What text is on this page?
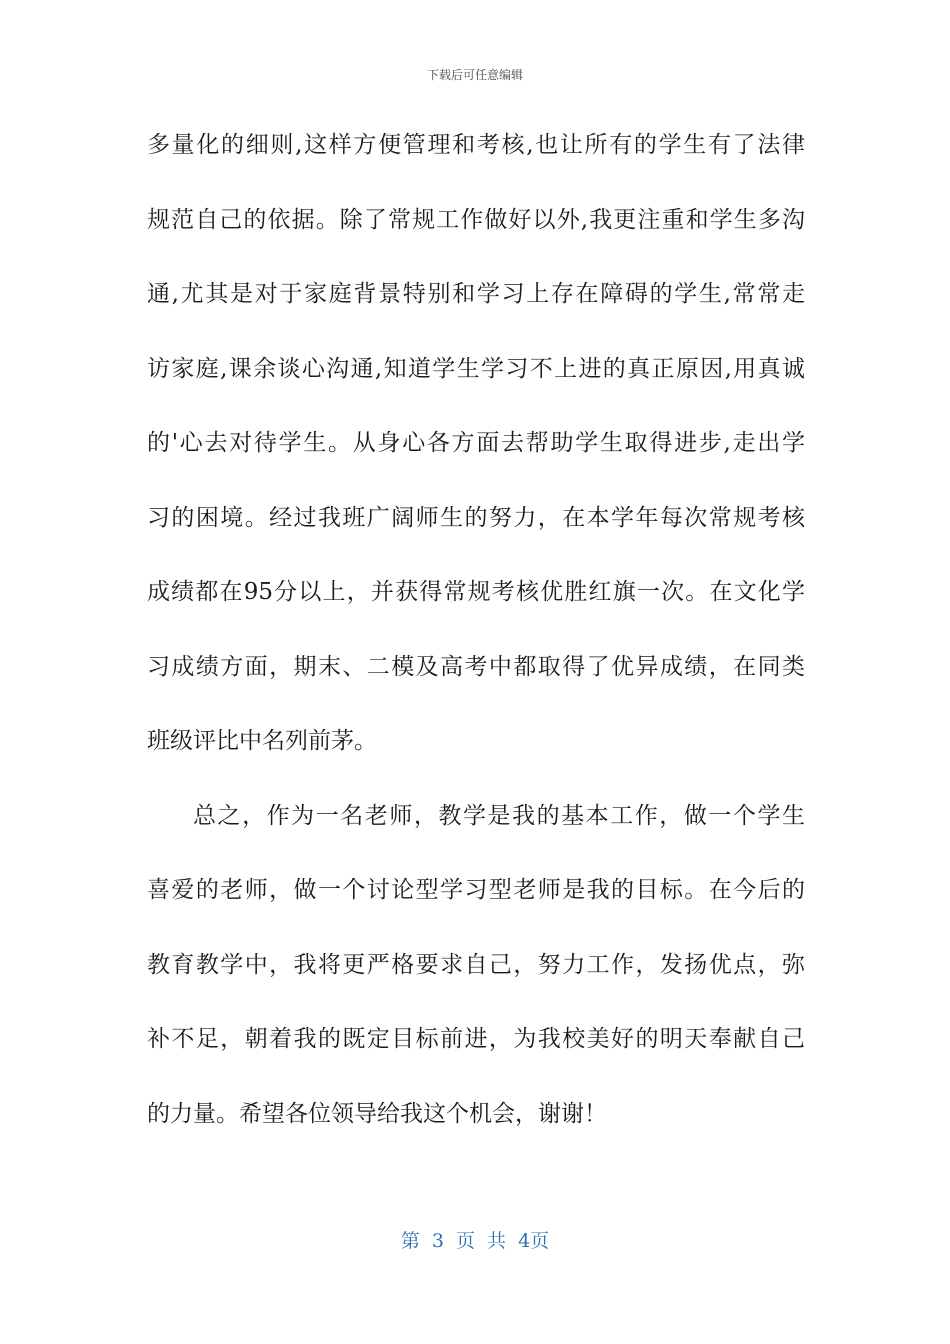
下载后可任意编辑
多量化的细则,这样方便管理和考核,也让所有的学生有了法律
规范自己的依据。除了常规工作做好以外,我更注重和学生多沟
通,尤其是对于家庭背景特别和学习上存在障碍的学生,常常走
访家庭,课余谈心沟通,知道学生学习不上进的真正原因,用真诚
的'心去对待学生。从身心各方面去帮助学生取得进步,走出学
习的困境。经过我班广阔师生的努力，在本学年每次常规考核
成绩都在95分以上，并获得常规考核优胜红旗一次。在文化学
习成绩方面，期末、二模及高考中都取得了优异成绩，在同类
班级评比中名列前茅。
总之，作为一名老师，教学是我的基本工作，做一个学生
喜爱的老师，做一个讨论型学习型老师是我的目标。在今后的
教育教学中，我将更严格要求自己，努力工作，发扬优点，弥
补不足，朝着我的既定目标前进，为我校美好的明天奉献自己
的力量。希望各位领导给我这个机会，谢谢！
第 3 页 共 4页
